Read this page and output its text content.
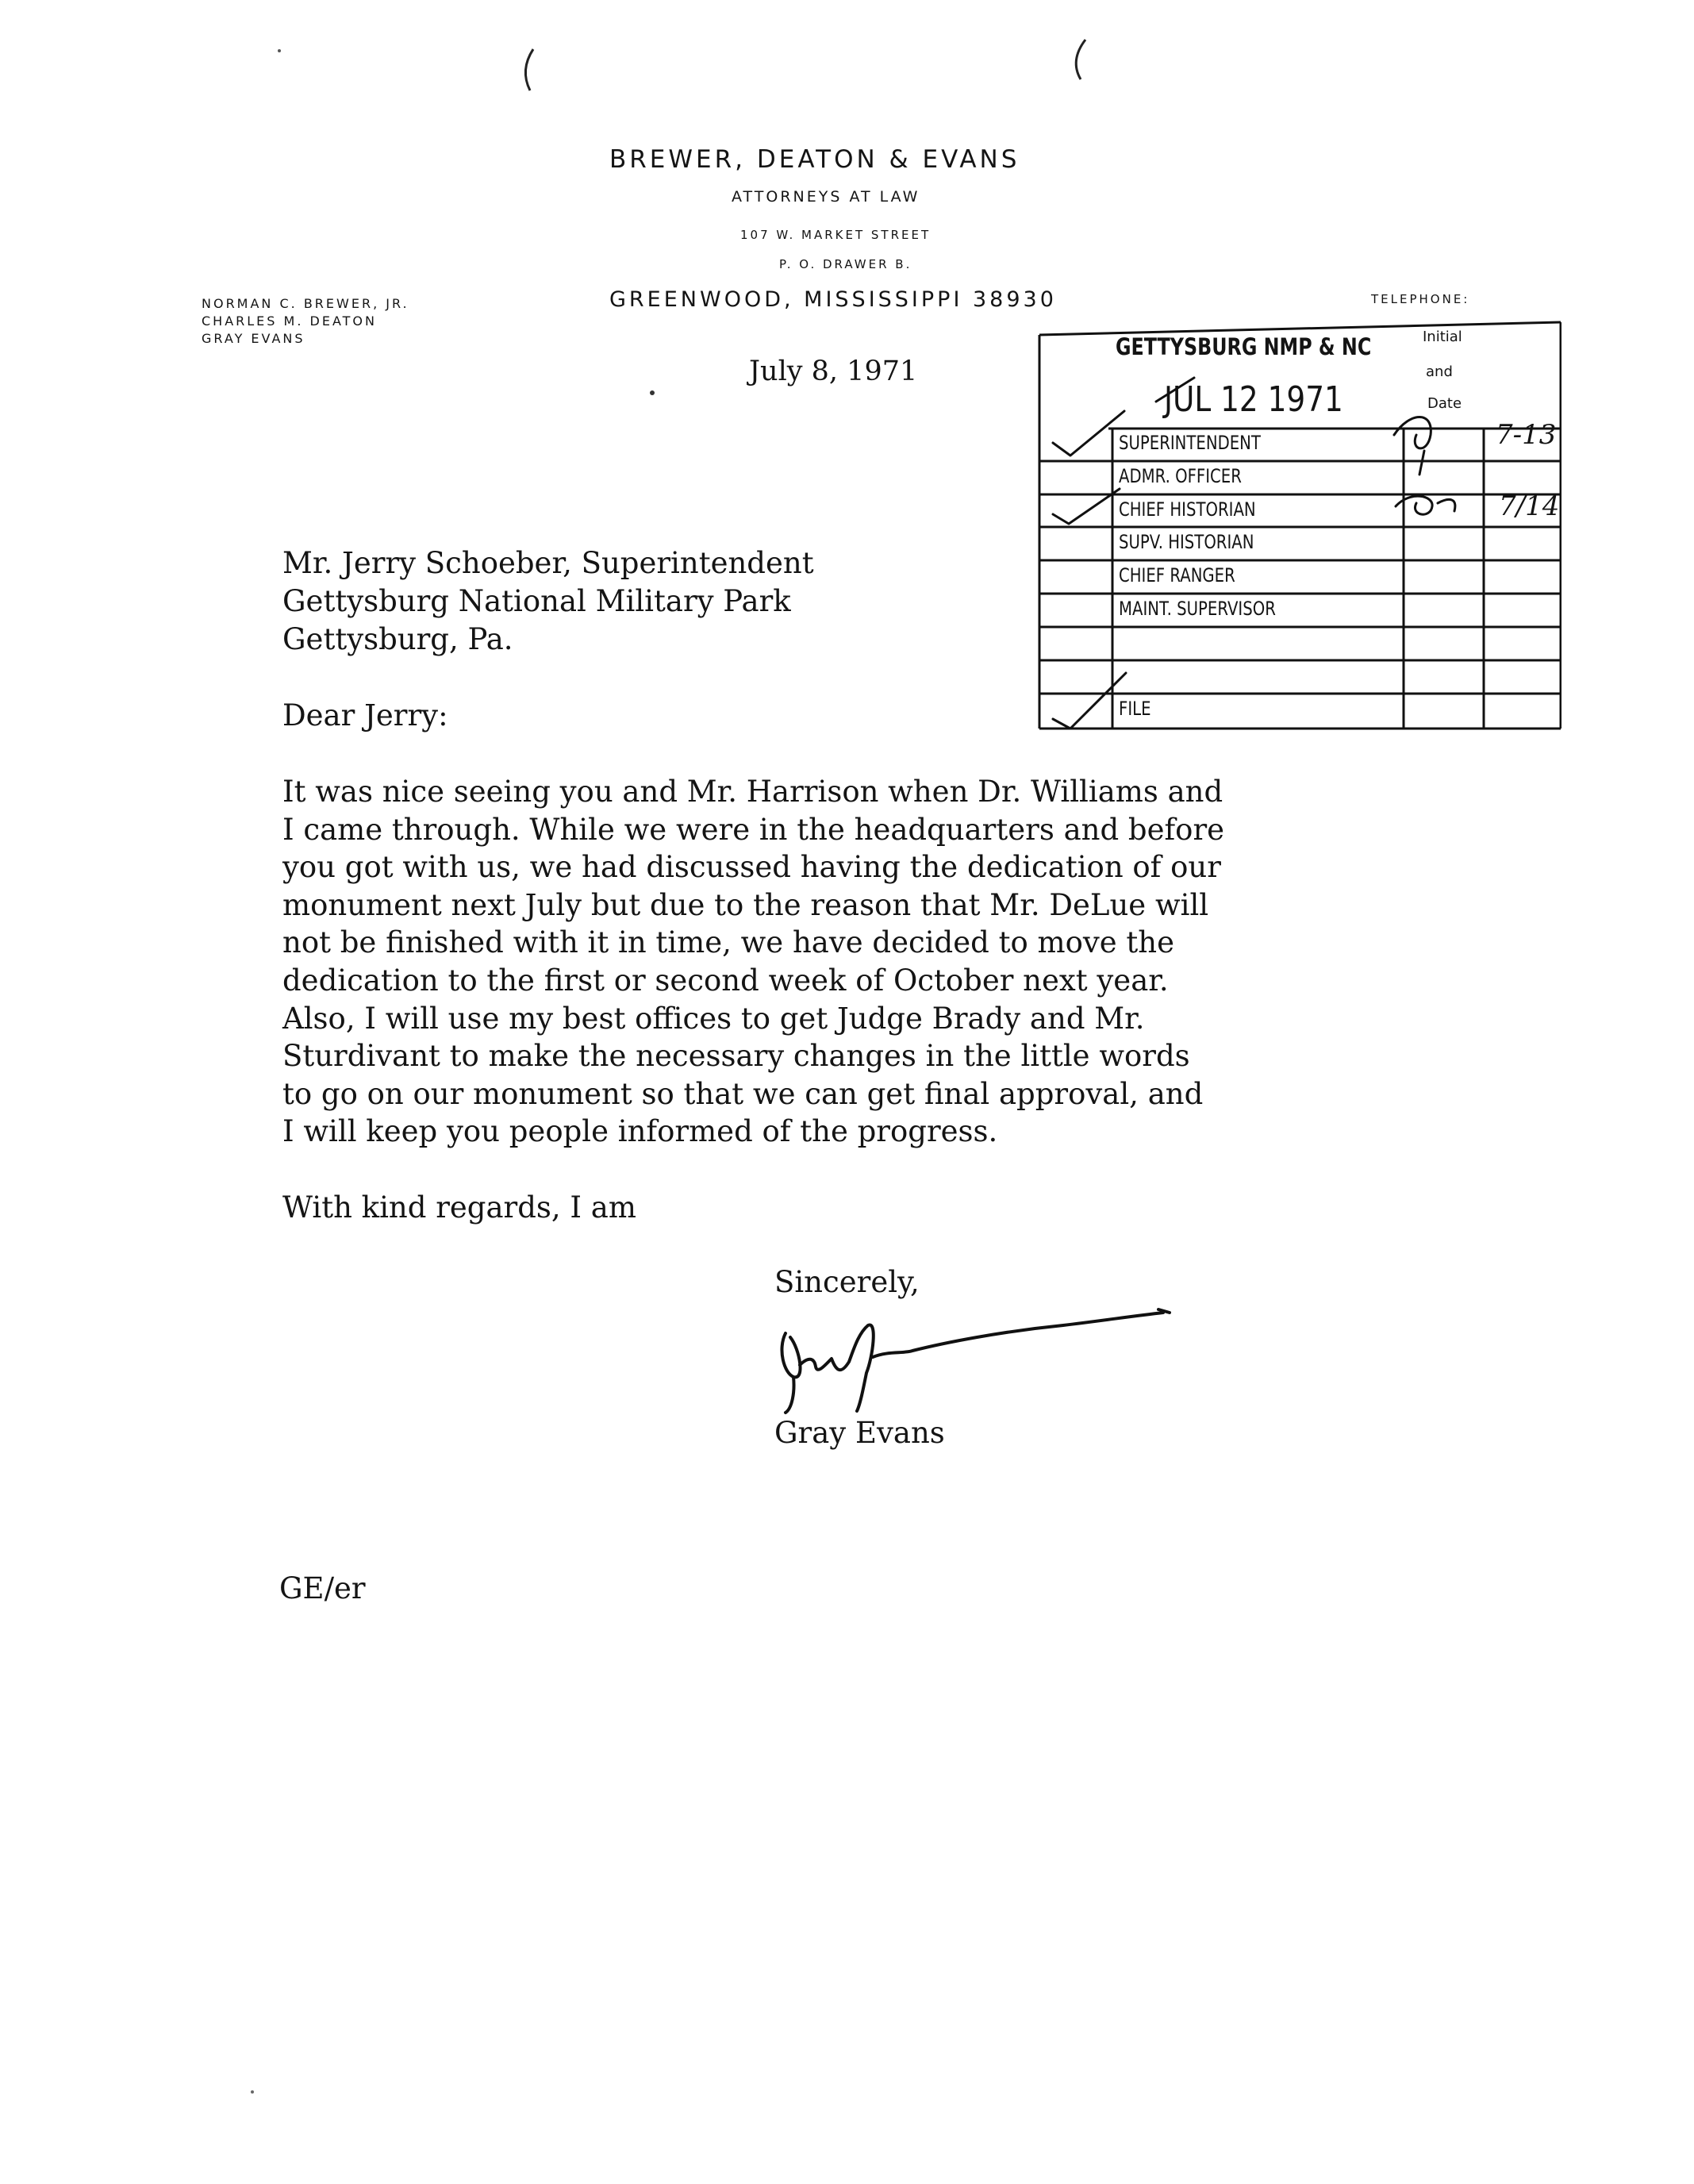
BREWER, DEATON & EVANS
ATTORNEYS AT LAW
107 W. MARKET STREET
P. O. DRAWER B.
GREENWOOD, MISSISSIPPI 38930
NORMAN C. BREWER, JR.
CHARLES M. DEATON
GRAY EVANS
TELEPHONE:
July 8, 1971
Mr. Jerry Schoeber, Superintendent
Gettysburg National Military Park
Gettysburg, Pa.
Dear Jerry:
It was nice seeing you and Mr. Harrison when Dr. Williams and
I came through. While we were in the headquarters and before
you got with us, we had discussed having the dedication of our
monument next July but due to the reason that Mr. DeLue will
not be finished with it in time, we have decided to move the
dedication to the first or second week of October next year.
Also, I will use my best offices to get Judge Brady and Mr.
Sturdivant to make the necessary changes in the little words
to go on our monument so that we can get final approval, and
I will keep you people informed of the progress.
With kind regards, I am
Sincerely,
Gray Evans
GE/er
GETTYSBURG NMP & NC
JUL 12 1971
Initial
and
Date
SUPERINTENDENT
ADMR. OFFICER
CHIEF HISTORIAN
SUPV. HISTORIAN
CHIEF RANGER
MAINT. SUPERVISOR
FILE
7-13
7/14
